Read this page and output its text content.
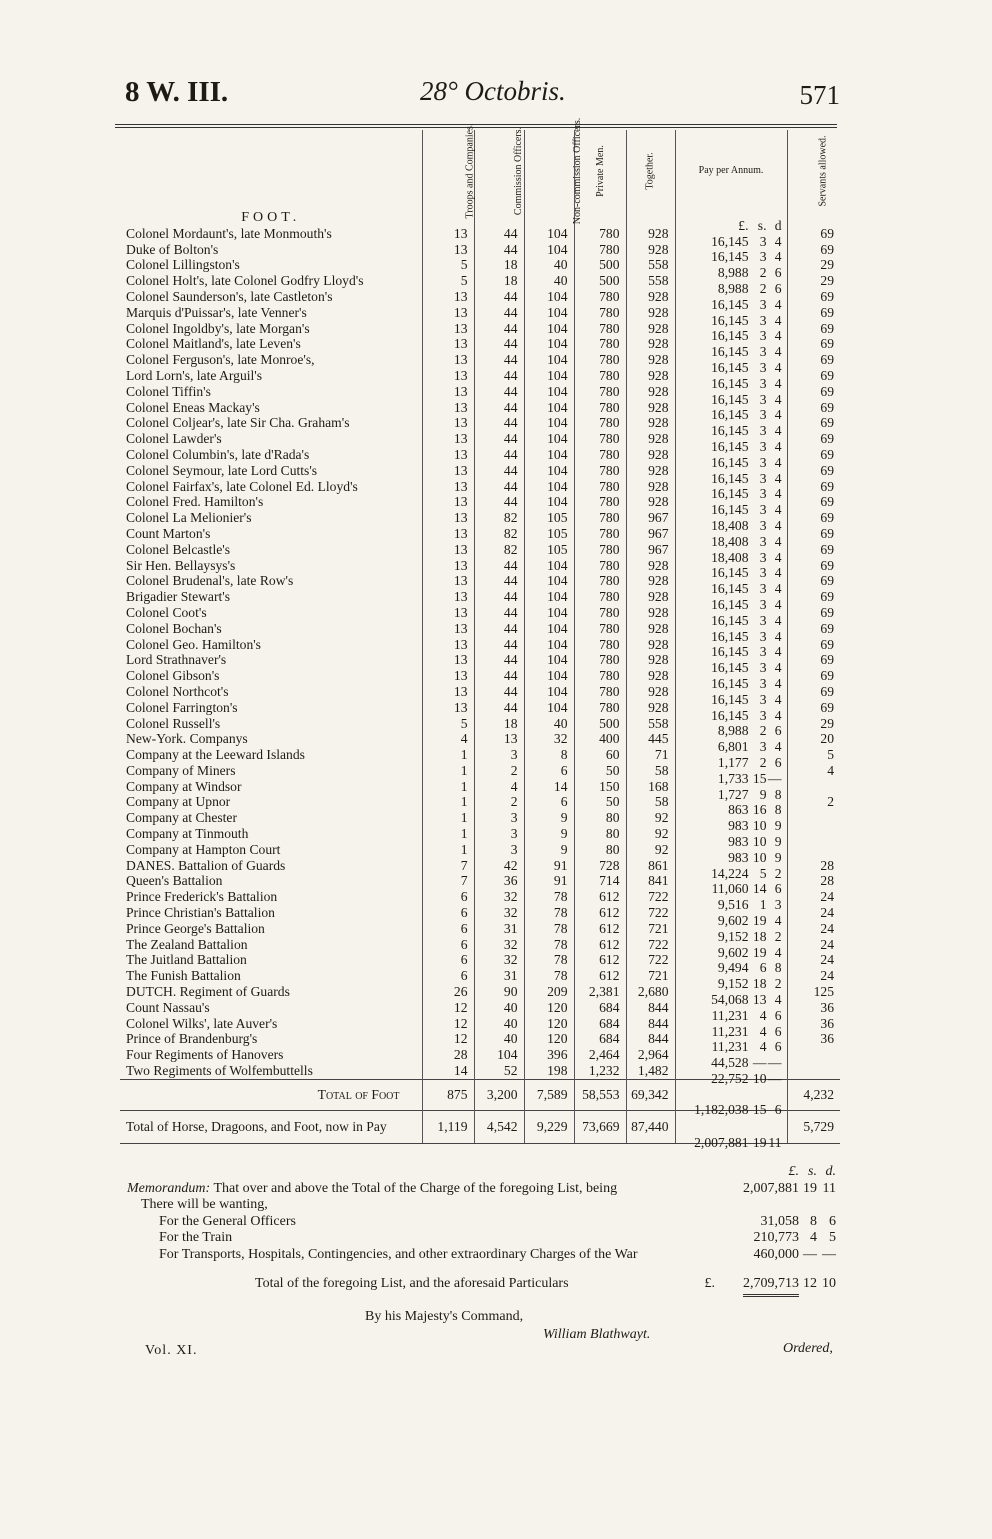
8 W. III.	28° Octobris.	571
	Troops and Companies.	Commission Officers.	Non-commission Officers.	Private Men.	Together.	Pay per Annum.	Servants allowed.
FOOT.						£. s. d	

Colonel Mordaunt's, late Monmouth's	13	44	104	780	928	16,145 3 4	69
Duke of Bolton's	13	44	104	780	928	16,145 3 4	69
Colonel Lillingston's	5	18	40	500	558	8,988 2 6	29
Colonel Holt's, late Colonel Godfry Lloyd's	5	18	40	500	558	8,988 2 6	29
Colonel Saunderson's, late Castleton's	13	44	104	780	928	16,145 3 4	69
Marquis d'Puissar's, late Venner's	13	44	104	780	928	16,145 3 4	69
Colonel Ingoldby's, late Morgan's	13	44	104	780	928	16,145 3 4	69
Colonel Maitland's, late Leven's	13	44	104	780	928	16,145 3 4	69
Colonel Ferguson's, late Monroe's,	13	44	104	780	928	16,145 3 4	69
Lord Lorn's, late Arguil's	13	44	104	780	928	16,145 3 4	69
Colonel Tiffin's	13	44	104	780	928	16,145 3 4	69
Colonel Eneas Mackay's	13	44	104	780	928	16,145 3 4	69
Colonel Coljear's, late Sir Cha. Graham's	13	44	104	780	928	16,145 3 4	69
Colonel Lawder's	13	44	104	780	928	16,145 3 4	69
Colonel Columbin's, late d'Rada's	13	44	104	780	928	16,145 3 4	69
Colonel Seymour, late Lord Cutts's	13	44	104	780	928	16,145 3 4	69
Colonel Fairfax's, late Colonel Ed. Lloyd's	13	44	104	780	928	16,145 3 4	69
Colonel Fred. Hamilton's	13	44	104	780	928	16,145 3 4	69
Colonel La Melionier's	13	82	105	780	967	18,408 3 4	69
Count Marton's	13	82	105	780	967	18,408 3 4	69
Colonel Belcastle's	13	82	105	780	967	18,408 3 4	69
Sir Hen. Bellaysys's	13	44	104	780	928	16,145 3 4	69
Colonel Brudenal's, late Row's	13	44	104	780	928	16,145 3 4	69
Brigadier Stewart's	13	44	104	780	928	16,145 3 4	69
Colonel Coot's	13	44	104	780	928	16,145 3 4	69
Colonel Bochan's	13	44	104	780	928	16,145 3 4	69
Colonel Geo. Hamilton's	13	44	104	780	928	16,145 3 4	69
Lord Strathnaver's	13	44	104	780	928	16,145 3 4	69
Colonel Gibson's	13	44	104	780	928	16,145 3 4	69
Colonel Northcot's	13	44	104	780	928	16,145 3 4	69
Colonel Farrington's	13	44	104	780	928	16,145 3 4	69
Colonel Russell's	5	18	40	500	558	8,988 2 6	29
New-York. Companys	4	13	32	400	445	6,801 3 4	20
Company at the Leeward Islands	1	3	8	60	71	1,177 2 6	5
Company of Miners	1	2	6	50	58	1,733 15 —	4
Company at Windsor	1	4	14	150	168	1,727 9 8	

Company at Upnor	1	2	6	50	58	863 16 8	2
Company at Chester	1	3	9	80	92	983 10 9	

Company at Tinmouth	1	3	9	80	92	983 10 9	

Company at Hampton Court	1	3	9	80	92	983 10 9	

DANES. Battalion of Guards	7	42	91	728	861	14,224 5 2	28
Queen's Battalion	7	36	91	714	841	11,060 14 6	28
Prince Frederick's Battalion	6	32	78	612	722	9,516 1 3	24
Prince Christian's Battalion	6	32	78	612	722	9,602 19 4	24
Prince George's Battalion	6	31	78	612	721	9,152 18 2	24
The Zealand Battalion	6	32	78	612	722	9,602 19 4	24
The Juitland Battalion	6	32	78	612	722	9,494 6 8	24
The Funish Battalion	6	31	78	612	721	9,152 18 2	24
DUTCH. Regiment of Guards	26	90	209	2,381	2,680	54,068 13 4	125
Count Nassau's	12	40	120	684	844	11,231 4 6	36
Colonel Wilks', late Auver's	12	40	120	684	844	11,231 4 6	36
Prince of Brandenburg's	12	40	120	684	844	11,231 4 6	36
Four Regiments of Hanovers	28	104	396	2,464	2,964	44,528 — —	

Two Regiments of Wolfembuttells	14	52	198	1,232	1,482	22,752 10 —	

Total of Foot	875	3,200	7,589	58,553	69,342	1,182,038 15 6	4,232
Total of Horse, Dragoons, and Foot, now in Pay	1,119	4,542	9,229	73,669	87,440	2,007,881 19 11	5,729
£. s. d.
Memorandum: That over and above the Total of the Charge of the foregoing List, being	2,007,881 19 11
There will be wanting,
For the General Officers	31,058 8 6
For the Train	210,773 4 5
For Transports, Hospitals, Contingencies, and other extraordinary Charges of the War	460,000 — —
Total of the foregoing List, and the aforesaid Particulars	£. 2,709,713 12 10
By his Majesty's Command,
William Blathwayt.
Vol. XI.	Ordered,
